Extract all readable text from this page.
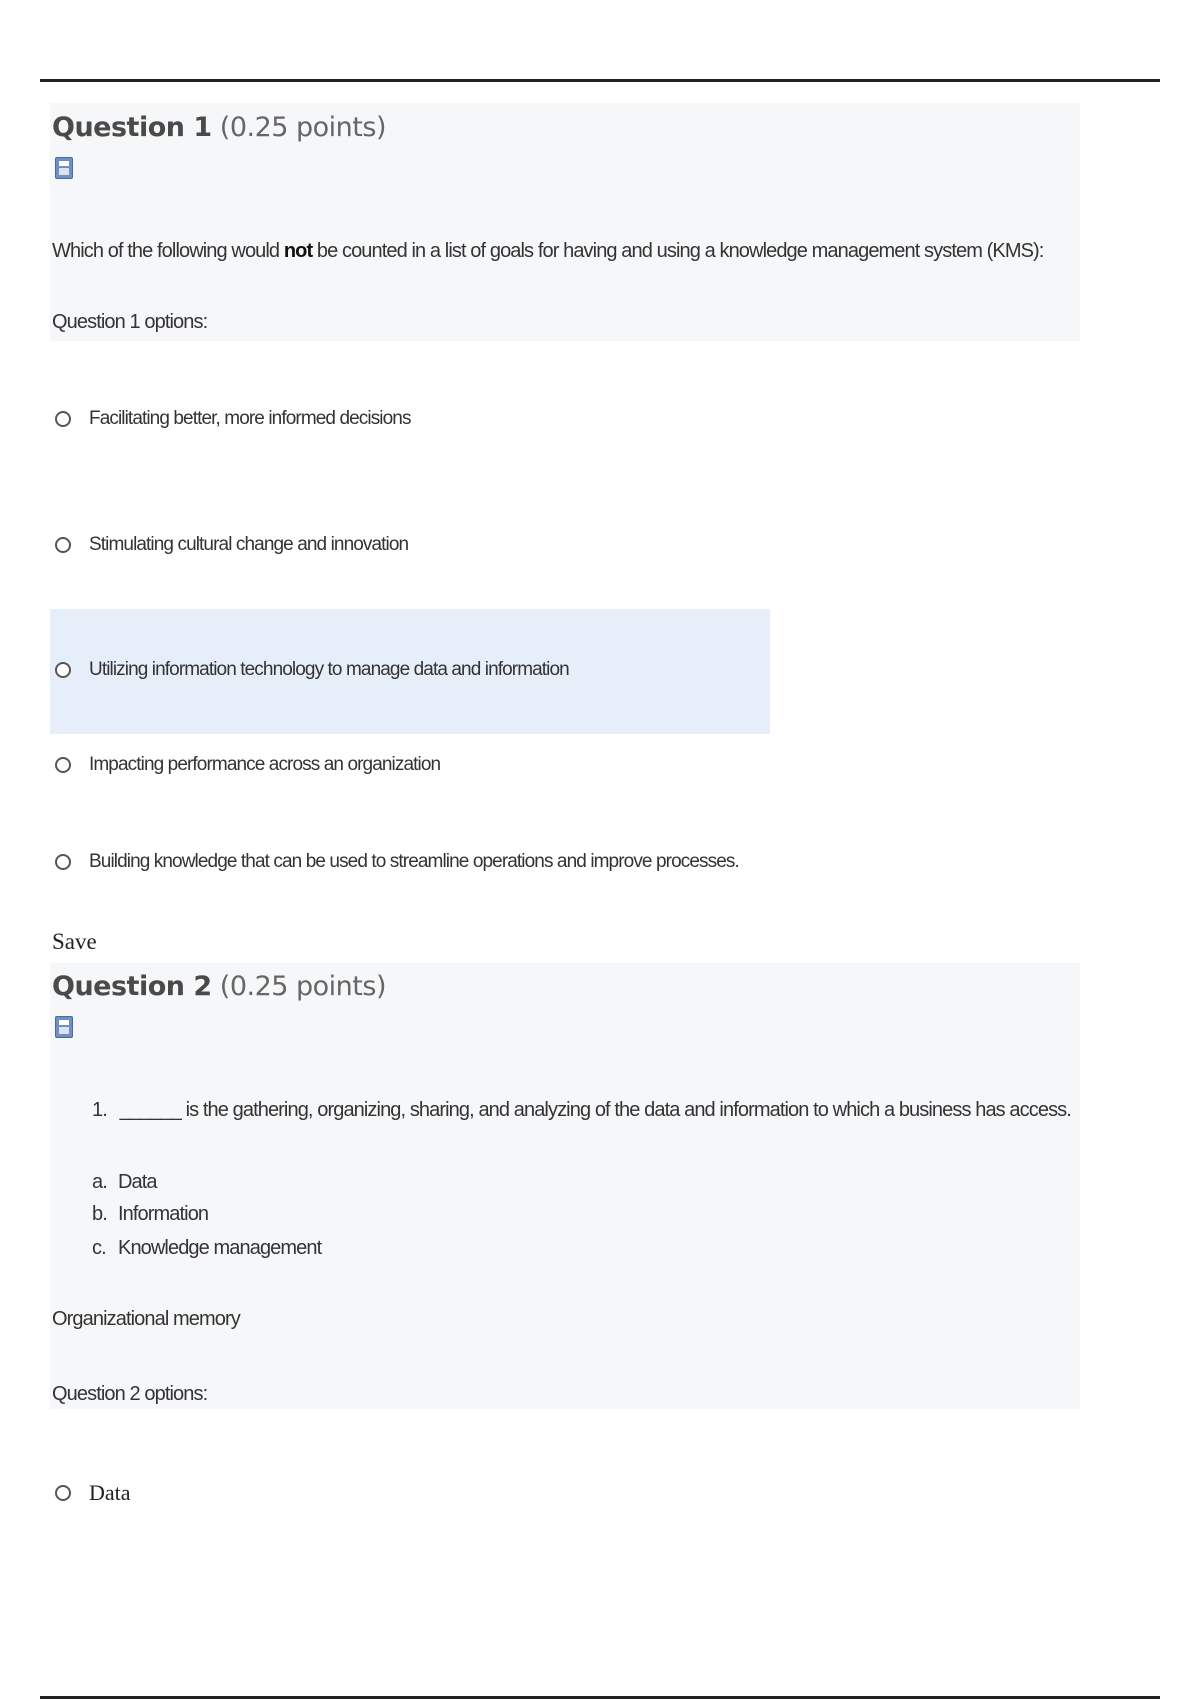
Question 1 (0.25 points)
Which of the following would not be counted in a list of goals for having and using a knowledge management system (KMS):
Question 1 options:
Facilitating better, more informed decisions
Stimulating cultural change and innovation
Utilizing information technology to manage data and information
Impacting performance across an organization
Building knowledge that can be used to streamline operations and improve processes.
Save
Question 2 (0.25 points)
1. ______ is the gathering, organizing, sharing, and analyzing of the data and information to which a business has access.
a. Data
b. Information
c. Knowledge management
Organizational memory
Question 2 options:
Data
